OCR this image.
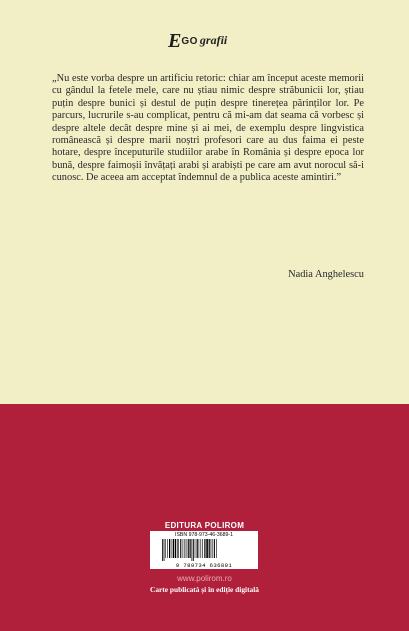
EGO grafii

„Nu este vorba despre un artificiu retoric: chiar am început aceste memorii cu gândul la fetele mele, care nu știau nimic despre străbunicii lor, știau puțin despre bunici și destul de puțin despre tinerețea părinților lor. Pe parcurs, lucrurile s-au complicat, pentru că mi-am dat seama că vorbesc și despre altele decât despre mine și ai mei, de exemplu despre lingvistica românească și despre marii noștri profesori care au dus faima ei peste hotare, despre începuturile studiilor arabe în România și despre epoca lor bună, despre faimoșii învățați arabi și arabiști pe care am avut norocul să-i cunosc. De aceea am acceptat îndemnul de a publica aceste amintiri.”

Nadia Anghelescu
EDITURA POLIROM
ISBN 978-973-46-3689-1
9 789734 636891
www.polirom.ro
Carte publicată și în ediție digitală
